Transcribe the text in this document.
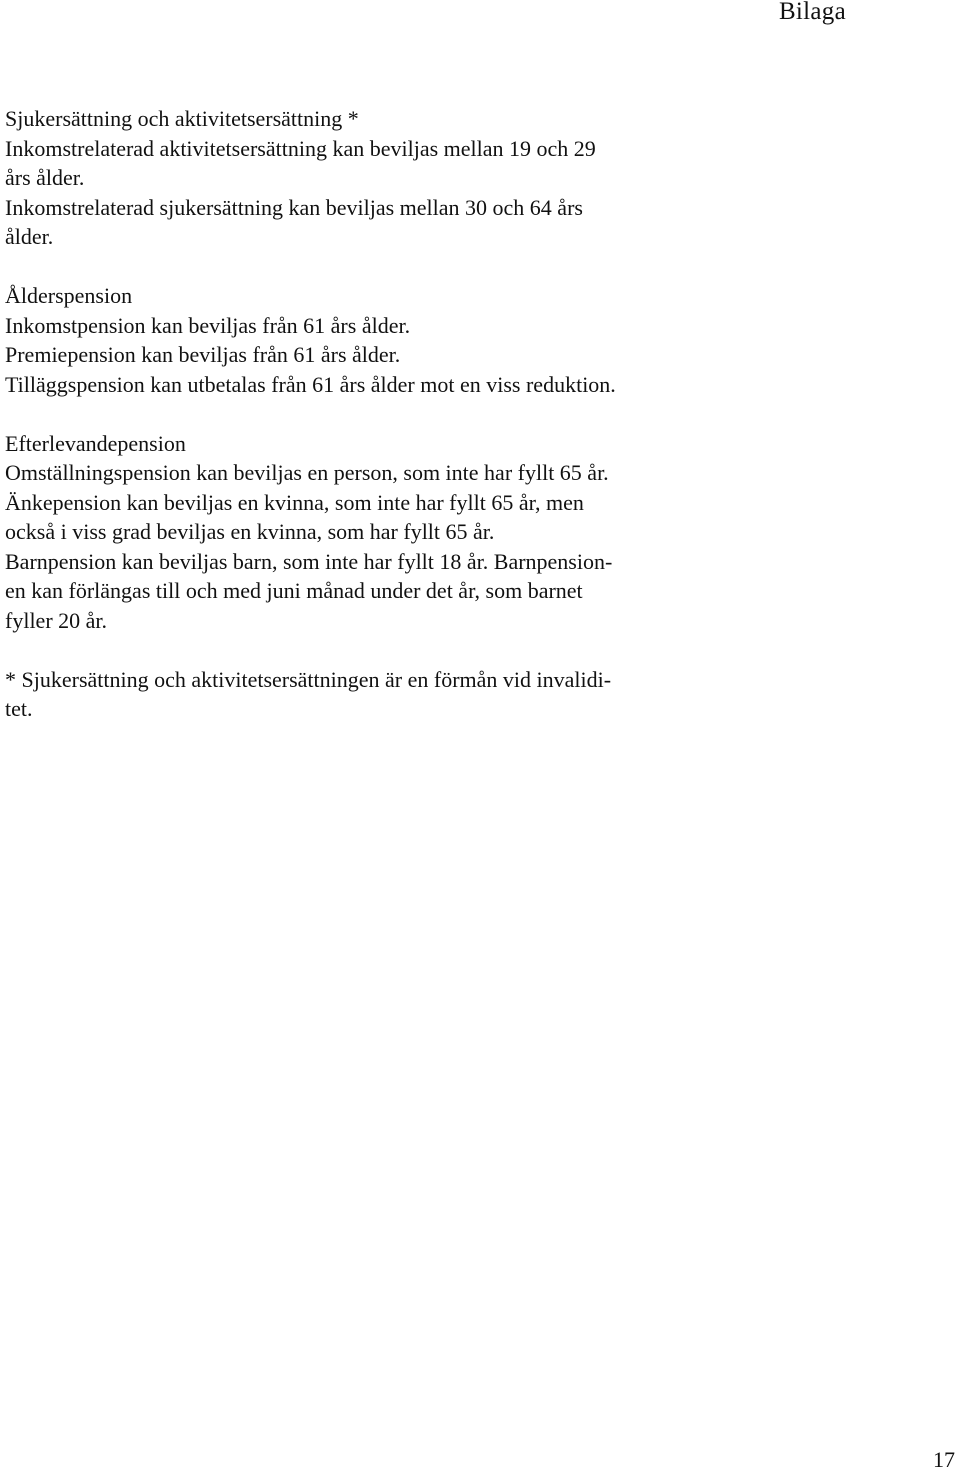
Bilaga
Sjukersättning och aktivitetsersättning *
Inkomstrelaterad aktivitetsersättning kan beviljas mellan 19 och 29
års ålder.
Inkomstrelaterad sjukersättning kan beviljas mellan 30 och 64 års
ålder.
Ålderspension
Inkomstpension kan beviljas från 61 års ålder.
Premiepension kan beviljas från 61 års ålder.
Tilläggspension kan utbetalas från 61 års ålder mot en viss reduktion.
Efterlevandepension
Omställningspension kan beviljas en person, som inte har fyllt 65 år.
Änkepension kan beviljas en kvinna, som inte har fyllt 65 år, men
också i viss grad beviljas en kvinna, som har fyllt 65 år.
Barnpension kan beviljas barn, som inte har fyllt 18 år. Barnpension-
en kan förlängas till och med juni månad under det år, som barnet
fyller 20 år.
* Sjukersättning och aktivitetsersättningen är en förmån vid invalidi-
tet.
17
